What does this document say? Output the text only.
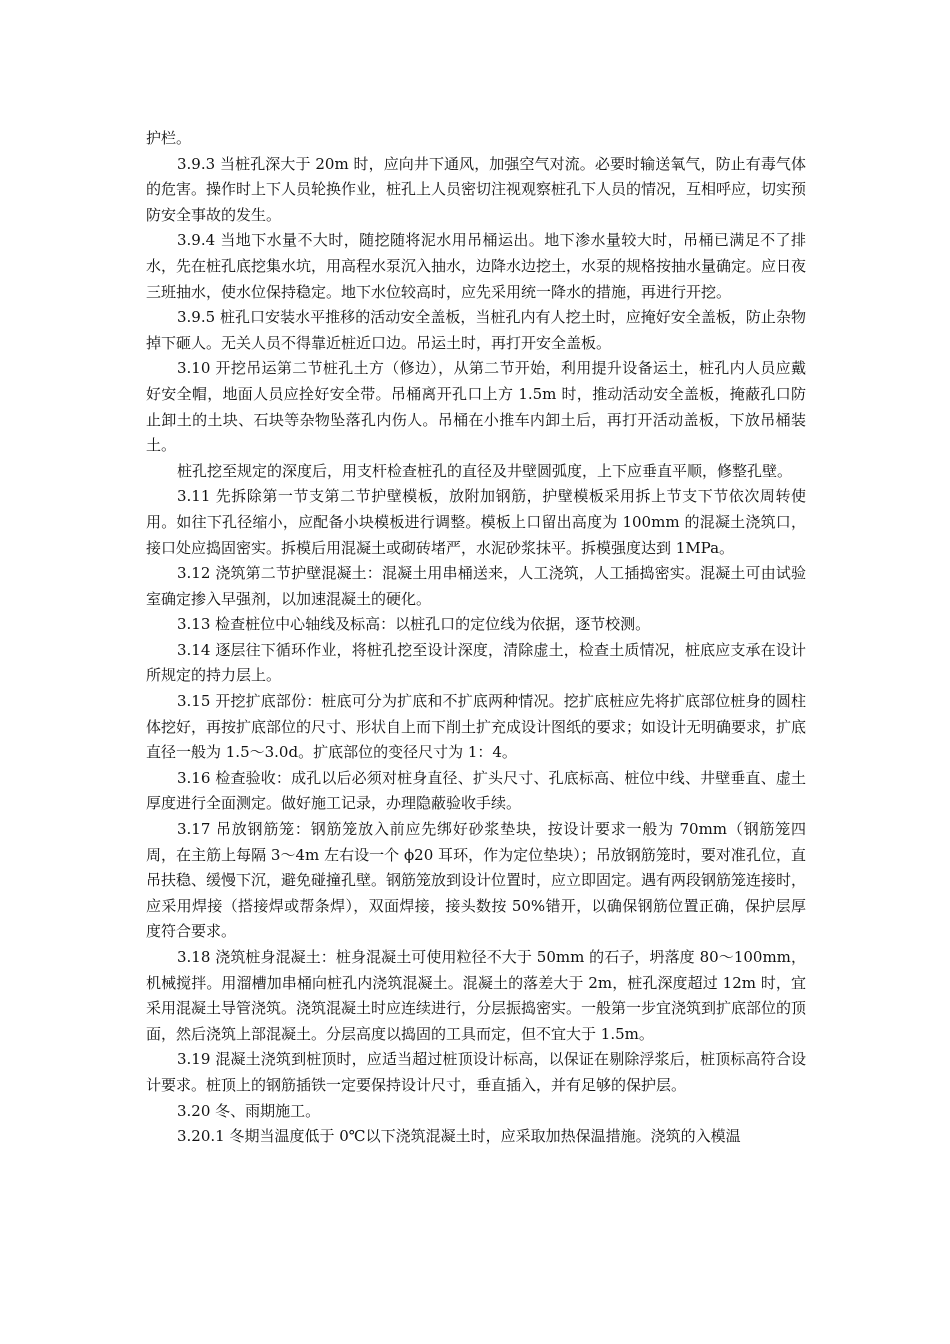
护栏。

3.9.3 当桩孔深大于 20m 时，应向井下通风，加强空气对流。必要时输送氧气，防止有毒气体的危害。操作时上下人员轮换作业，桩孔上人员密切注视观察桩孔下人员的情况，互相呼应，切实预防安全事故的发生。

3.9.4 当地下水量不大时，随挖随将泥水用吊桶运出。地下渗水量较大时，吊桶已满足不了排水，先在桩孔底挖集水坑，用高程水泵沉入抽水，边降水边挖土，水泵的规格按抽水量确定。应日夜三班抽水，使水位保持稳定。地下水位较高时，应先采用统一降水的措施，再进行开挖。

3.9.5 桩孔口安装水平推移的活动安全盖板，当桩孔内有人挖土时，应掩好安全盖板，防止杂物掉下砸人。无关人员不得靠近桩近口边。吊运土时，再打开安全盖板。

3.10 开挖吊运第二节桩孔土方（修边），从第二节开始，利用提升设备运土，桩孔内人员应戴好安全帽，地面人员应拴好安全带。吊桶离开孔口上方 1.5m 时，推动活动安全盖板，掩蔽孔口防止卸土的土块、石块等杂物坠落孔内伤人。吊桶在小推车内卸土后，再打开活动盖板，下放吊桶装土。

桩孔挖至规定的深度后，用支杆检查桩孔的直径及井壁圆弧度，上下应垂直平顺，修整孔壁。

3.11 先拆除第一节支第二节护壁模板，放附加钢筋，护壁模板采用拆上节支下节依次周转使用。如往下孔径缩小，应配备小块模板进行调整。模板上口留出高度为 100mm 的混凝土浇筑口，接口处应捣固密实。拆模后用混凝土或砌砖堵严，水泥砂浆抹平。拆模强度达到 1MPa。

3.12 浇筑第二节护壁混凝土：混凝土用串桶送来，人工浇筑，人工插捣密实。混凝土可由试验室确定掺入早强剂，以加速混凝土的硬化。

3.13 检查桩位中心轴线及标高：以桩孔口的定位线为依据，逐节校测。

3.14 逐层往下循环作业，将桩孔挖至设计深度，清除虚土，检查土质情况，桩底应支承在设计所规定的持力层上。

3.15 开挖扩底部份：桩底可分为扩底和不扩底两种情况。挖扩底桩应先将扩底部位桩身的圆柱体挖好，再按扩底部位的尺寸、形状自上而下削土扩充成设计图纸的要求；如设计无明确要求，扩底直径一般为 1.5～3.0d。扩底部位的变径尺寸为 1：4。

3.16 检查验收：成孔以后必须对桩身直径、扩头尺寸、孔底标高、桩位中线、井壁垂直、虚土厚度进行全面测定。做好施工记录，办理隐蔽验收手续。

3.17 吊放钢筋笼：钢筋笼放入前应先绑好砂浆垫块，按设计要求一般为 70mm（钢筋笼四周，在主筋上每隔 3～4m 左右设一个 ϕ20 耳环，作为定位垫块）；吊放钢筋笼时，要对准孔位，直吊扶稳、缓慢下沉，避免碰撞孔壁。钢筋笼放到设计位置时，应立即固定。遇有两段钢筋笼连接时，应采用焊接（搭接焊或帮条焊），双面焊接，接头数按 50%错开，以确保钢筋位置正确，保护层厚度符合要求。

3.18 浇筑桩身混凝土：桩身混凝土可使用粒径不大于 50mm 的石子，坍落度 80～100mm，机械搅拌。用溜槽加串桶向桩孔内浇筑混凝土。混凝土的落差大于 2m，桩孔深度超过 12m 时，宜采用混凝土导管浇筑。浇筑混凝土时应连续进行，分层振捣密实。一般第一步宜浇筑到扩底部位的顶面，然后浇筑上部混凝土。分层高度以捣固的工具而定，但不宜大于 1.5m。

3.19 混凝土浇筑到桩顶时，应适当超过桩顶设计标高，以保证在剔除浮浆后，桩顶标高符合设计要求。桩顶上的钢筋插铁一定要保持设计尺寸，垂直插入，并有足够的保护层。

3.20 冬、雨期施工。

3.20.1 冬期当温度低于 0℃以下浇筑混凝土时，应采取加热保温措施。浇筑的入模温
